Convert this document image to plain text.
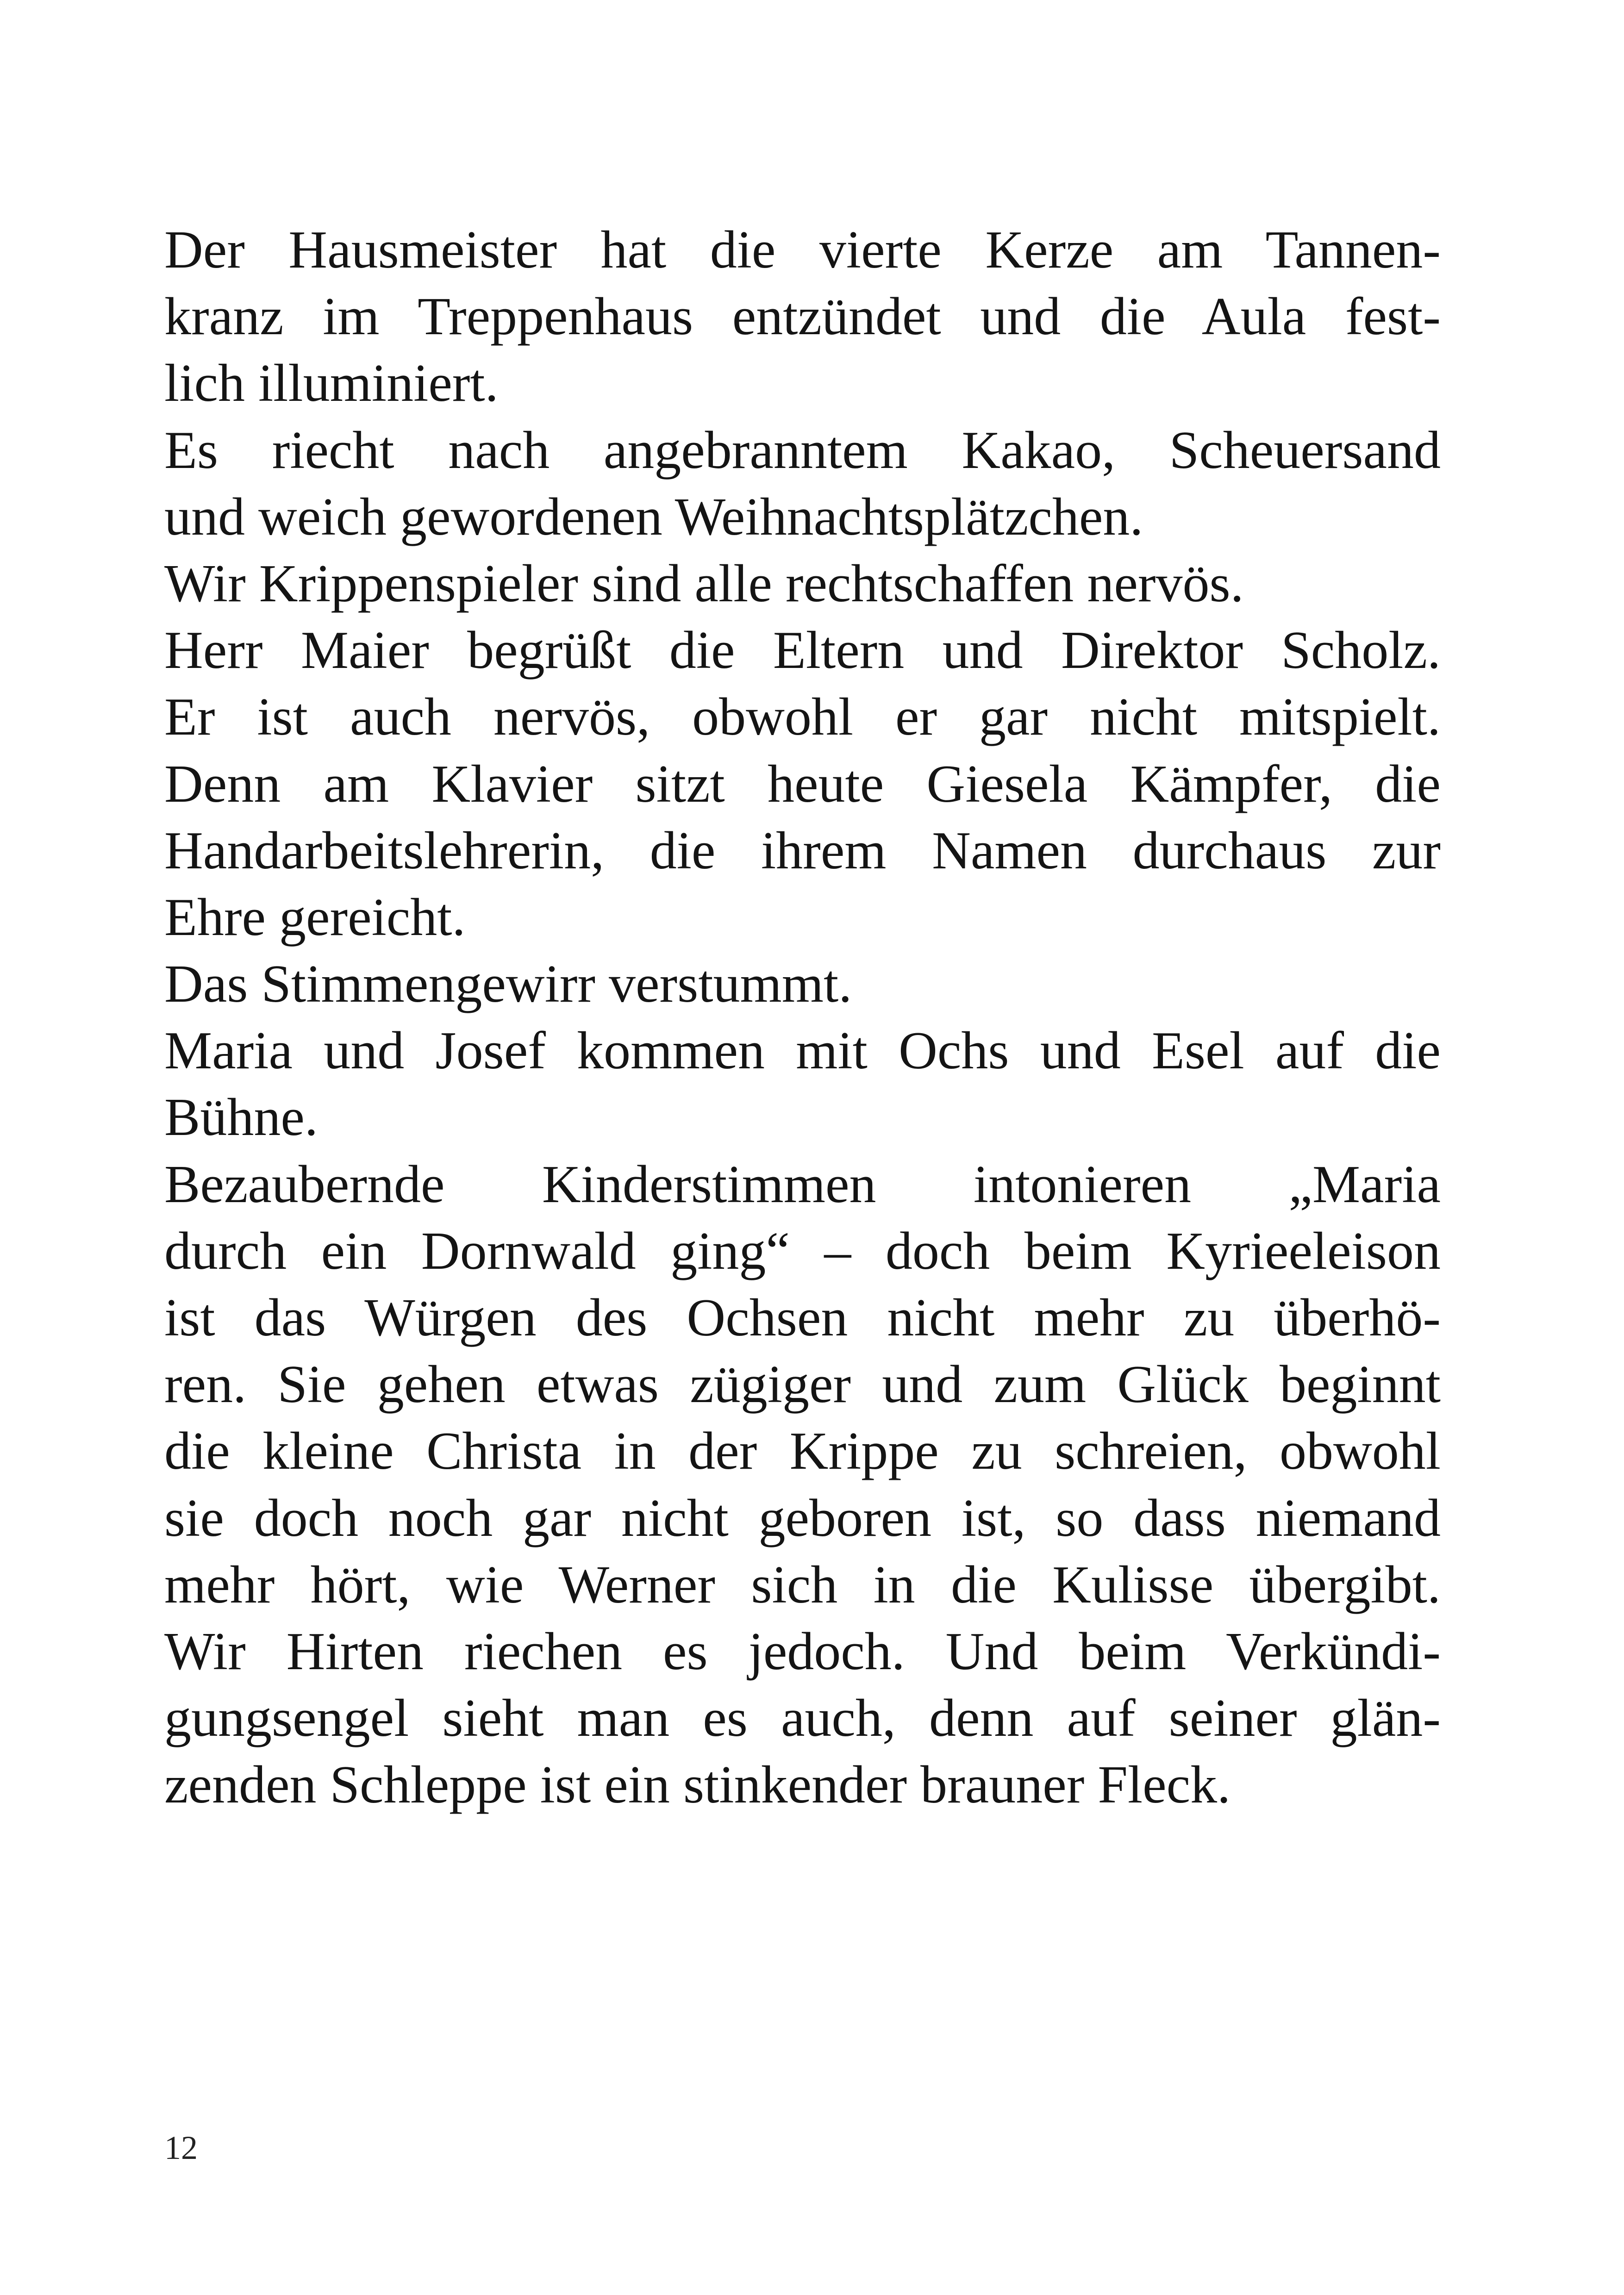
Der Hausmeister hat die vierte Kerze am Tannen-
kranz im Treppenhaus entzündet und die Aula fest-
lich illuminiert.
Es riecht nach angebranntem Kakao, Scheuersand
und weich gewordenen Weihnachtsplätzchen.
Wir Krippenspieler sind alle rechtschaffen nervös.
Herr Maier begrüßt die Eltern und Direktor Scholz.
Er ist auch nervös, obwohl er gar nicht mitspielt.
Denn am Klavier sitzt heute Giesela Kämpfer, die
Handarbeitslehrerin, die ihrem Namen durchaus zur
Ehre gereicht.
Das Stimmengewirr verstummt.
Maria und Josef kommen mit Ochs und Esel auf die
Bühne.
Bezaubernde Kinderstimmen intonieren „Maria
durch ein Dornwald ging“ – doch beim Kyrieeleison
ist das Würgen des Ochsen nicht mehr zu überhö-
ren. Sie gehen etwas zügiger und zum Glück beginnt
die kleine Christa in der Krippe zu schreien, obwohl
sie doch noch gar nicht geboren ist, so dass niemand
mehr hört, wie Werner sich in die Kulisse übergibt.
Wir Hirten riechen es jedoch. Und beim Verkündi-
gungsengel sieht man es auch, denn auf seiner glän-
zenden Schleppe ist ein stinkender brauner Fleck.
12
